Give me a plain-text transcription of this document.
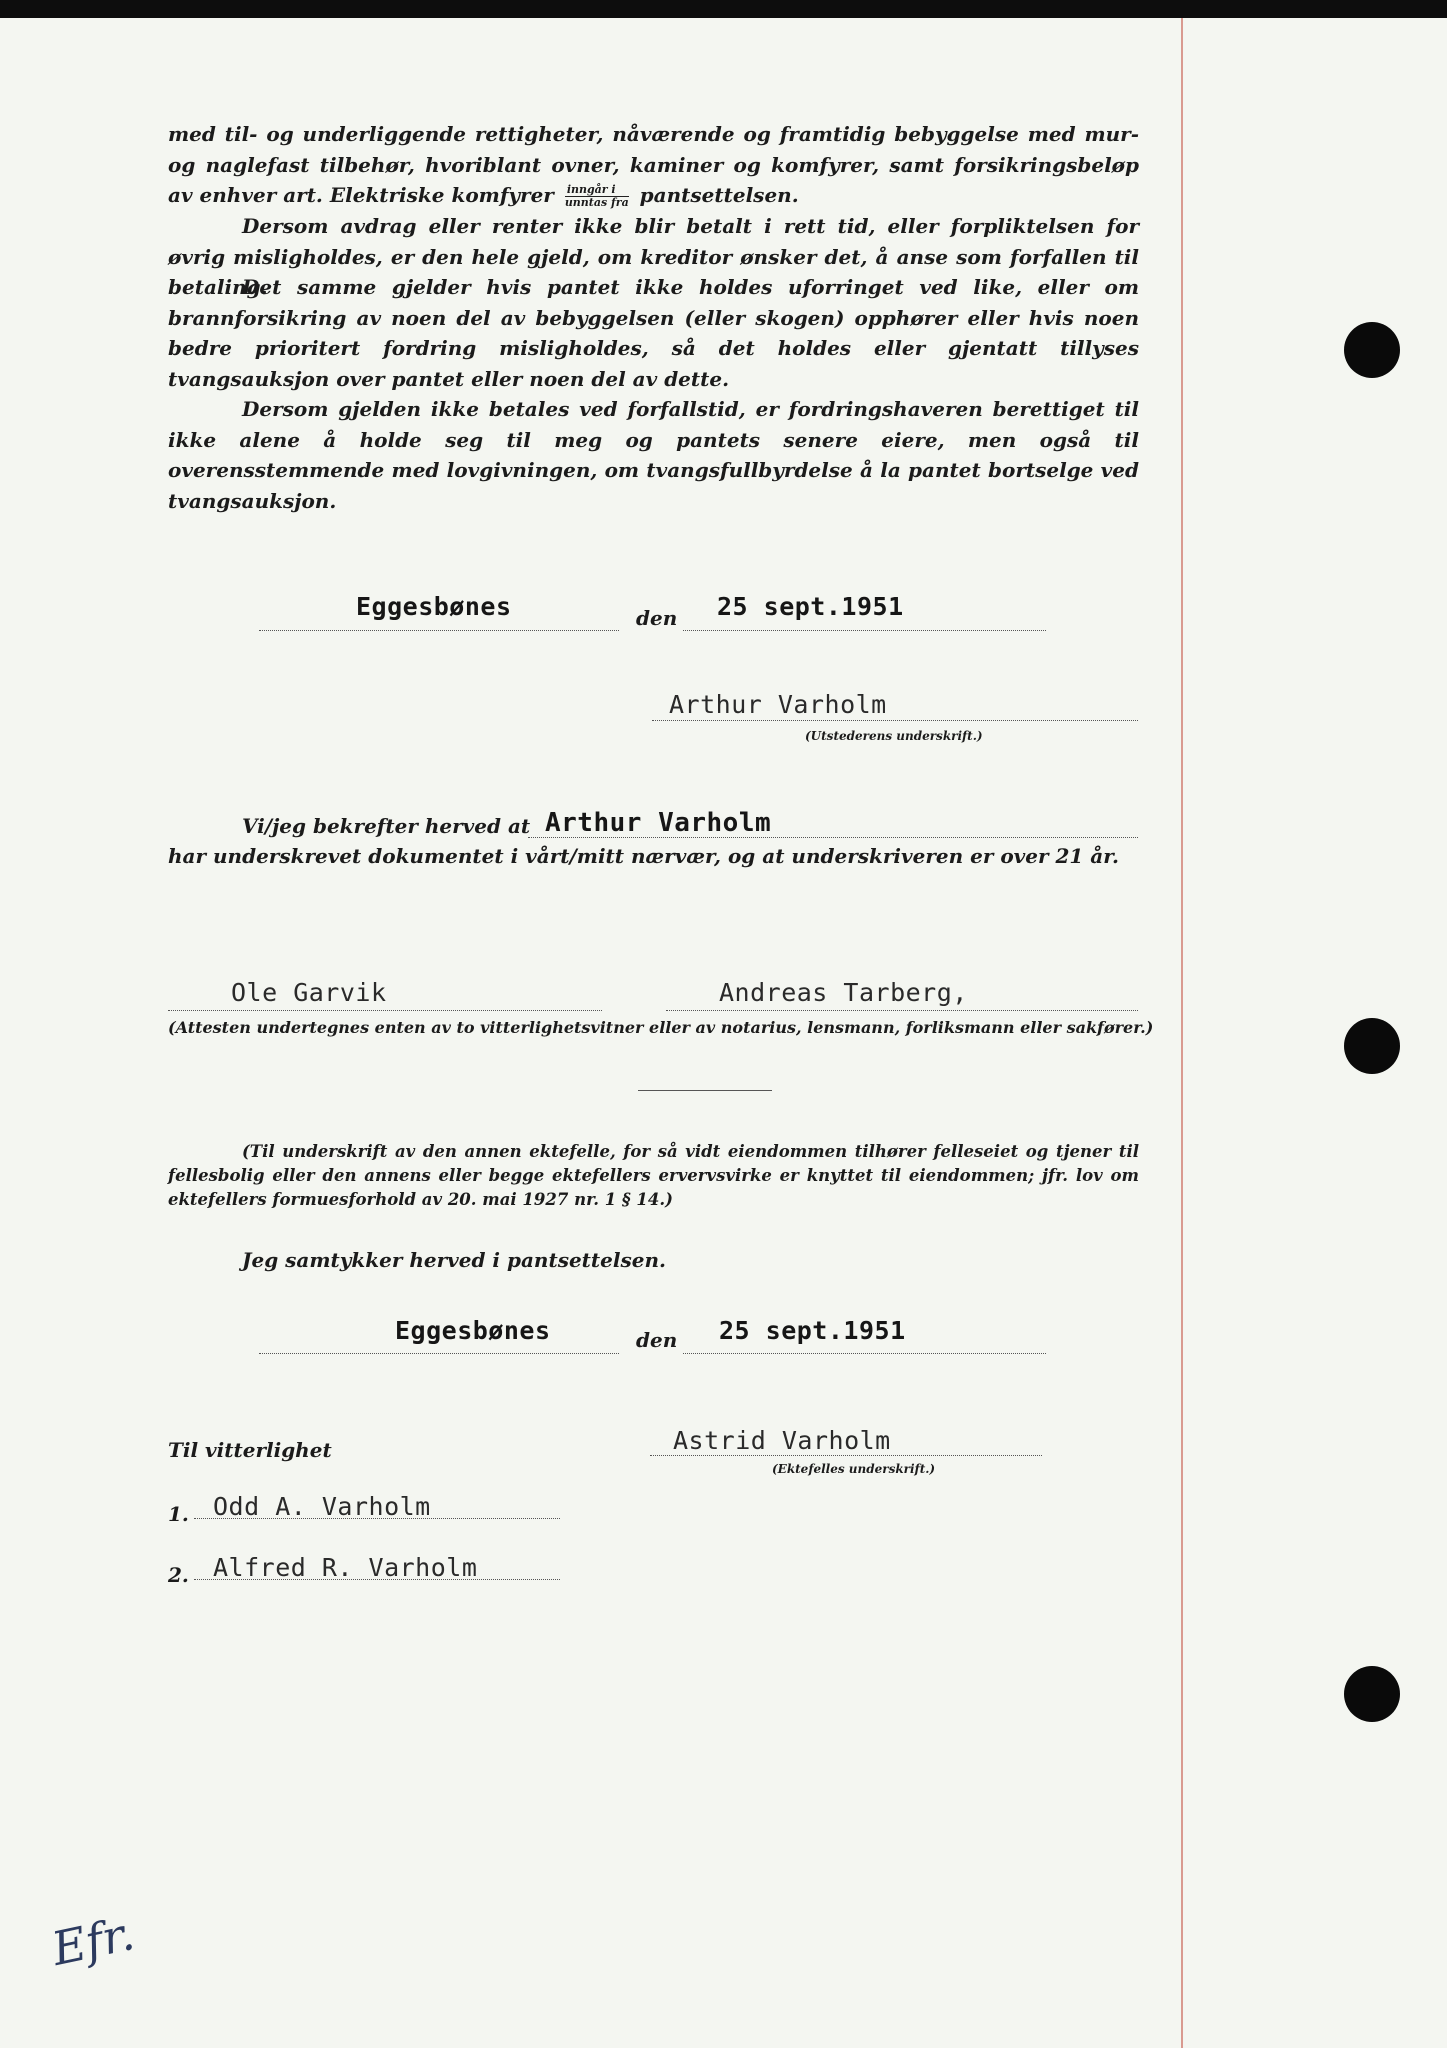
med til- og underliggende rettigheter, nåværende og framtidig bebyggelse med mur- og naglefast tilbehør, hvoriblant ovner, kaminer og komfyrer, samt forsikringsbeløp av enhver art. Elektriske komfyrer $\frac{\text{inngår i}}{\text{unntas fra}}$ pantsettelsen.

Dersom avdrag eller renter ikke blir betalt i rett tid, eller forpliktelsen for øvrig misligholdes, er den hele gjeld, om kreditor ønsker det, å anse som forfallen til betaling.

Det samme gjelder hvis pantet ikke holdes uforringet ved like, eller om brannforsikring av noen del av bebyggelsen (eller skogen) opphører eller hvis noen bedre prioritert fordring misligholdes, så det holdes eller gjentatt tillyses tvangsauksjon over pantet eller noen del av dette.

Dersom gjelden ikke betales ved forfallstid, er fordringshaveren berettiget til ikke alene å holde seg til meg og pantets senere eiere, men også til overensstemmende med lovgivningen, om tvangsfullbyrdelse å la pantet bortselge ved tvangsauksjon.

Eggesbønes	den 25 sept.1951
Arthur Varholm
(Utstederens underskrift.)
Vi/jeg bekrefter herved at Arthur Varholm
har underskrevet dokumentet i vårt/mitt nærvær, og at underskriveren er over 21 år.
Ole Garvik	Andreas Tarberg,
(Attesten undertegnes enten av to vitterlighetsvitner eller av notarius, lensmann, forliksmann eller sakfører.)

(Til underskrift av den annen ektefelle, for så vidt eiendommen tilhører felleseiet og tjener til fellesbolig eller den annens eller begge ektefellers ervervsvirke er knyttet til eiendommen; jfr. lov om ektefellers formuesforhold av 20. mai 1927 nr. 1 § 14.)

Jeg samtykker herved i pantsettelsen.
Eggesbønes	den 25 sept.1951
Til vitterlighet	Astrid Varholm
(Ektefelles underskrift.)
1. Odd A. Varholm
2. Alfred R. Varholm
Efr.
